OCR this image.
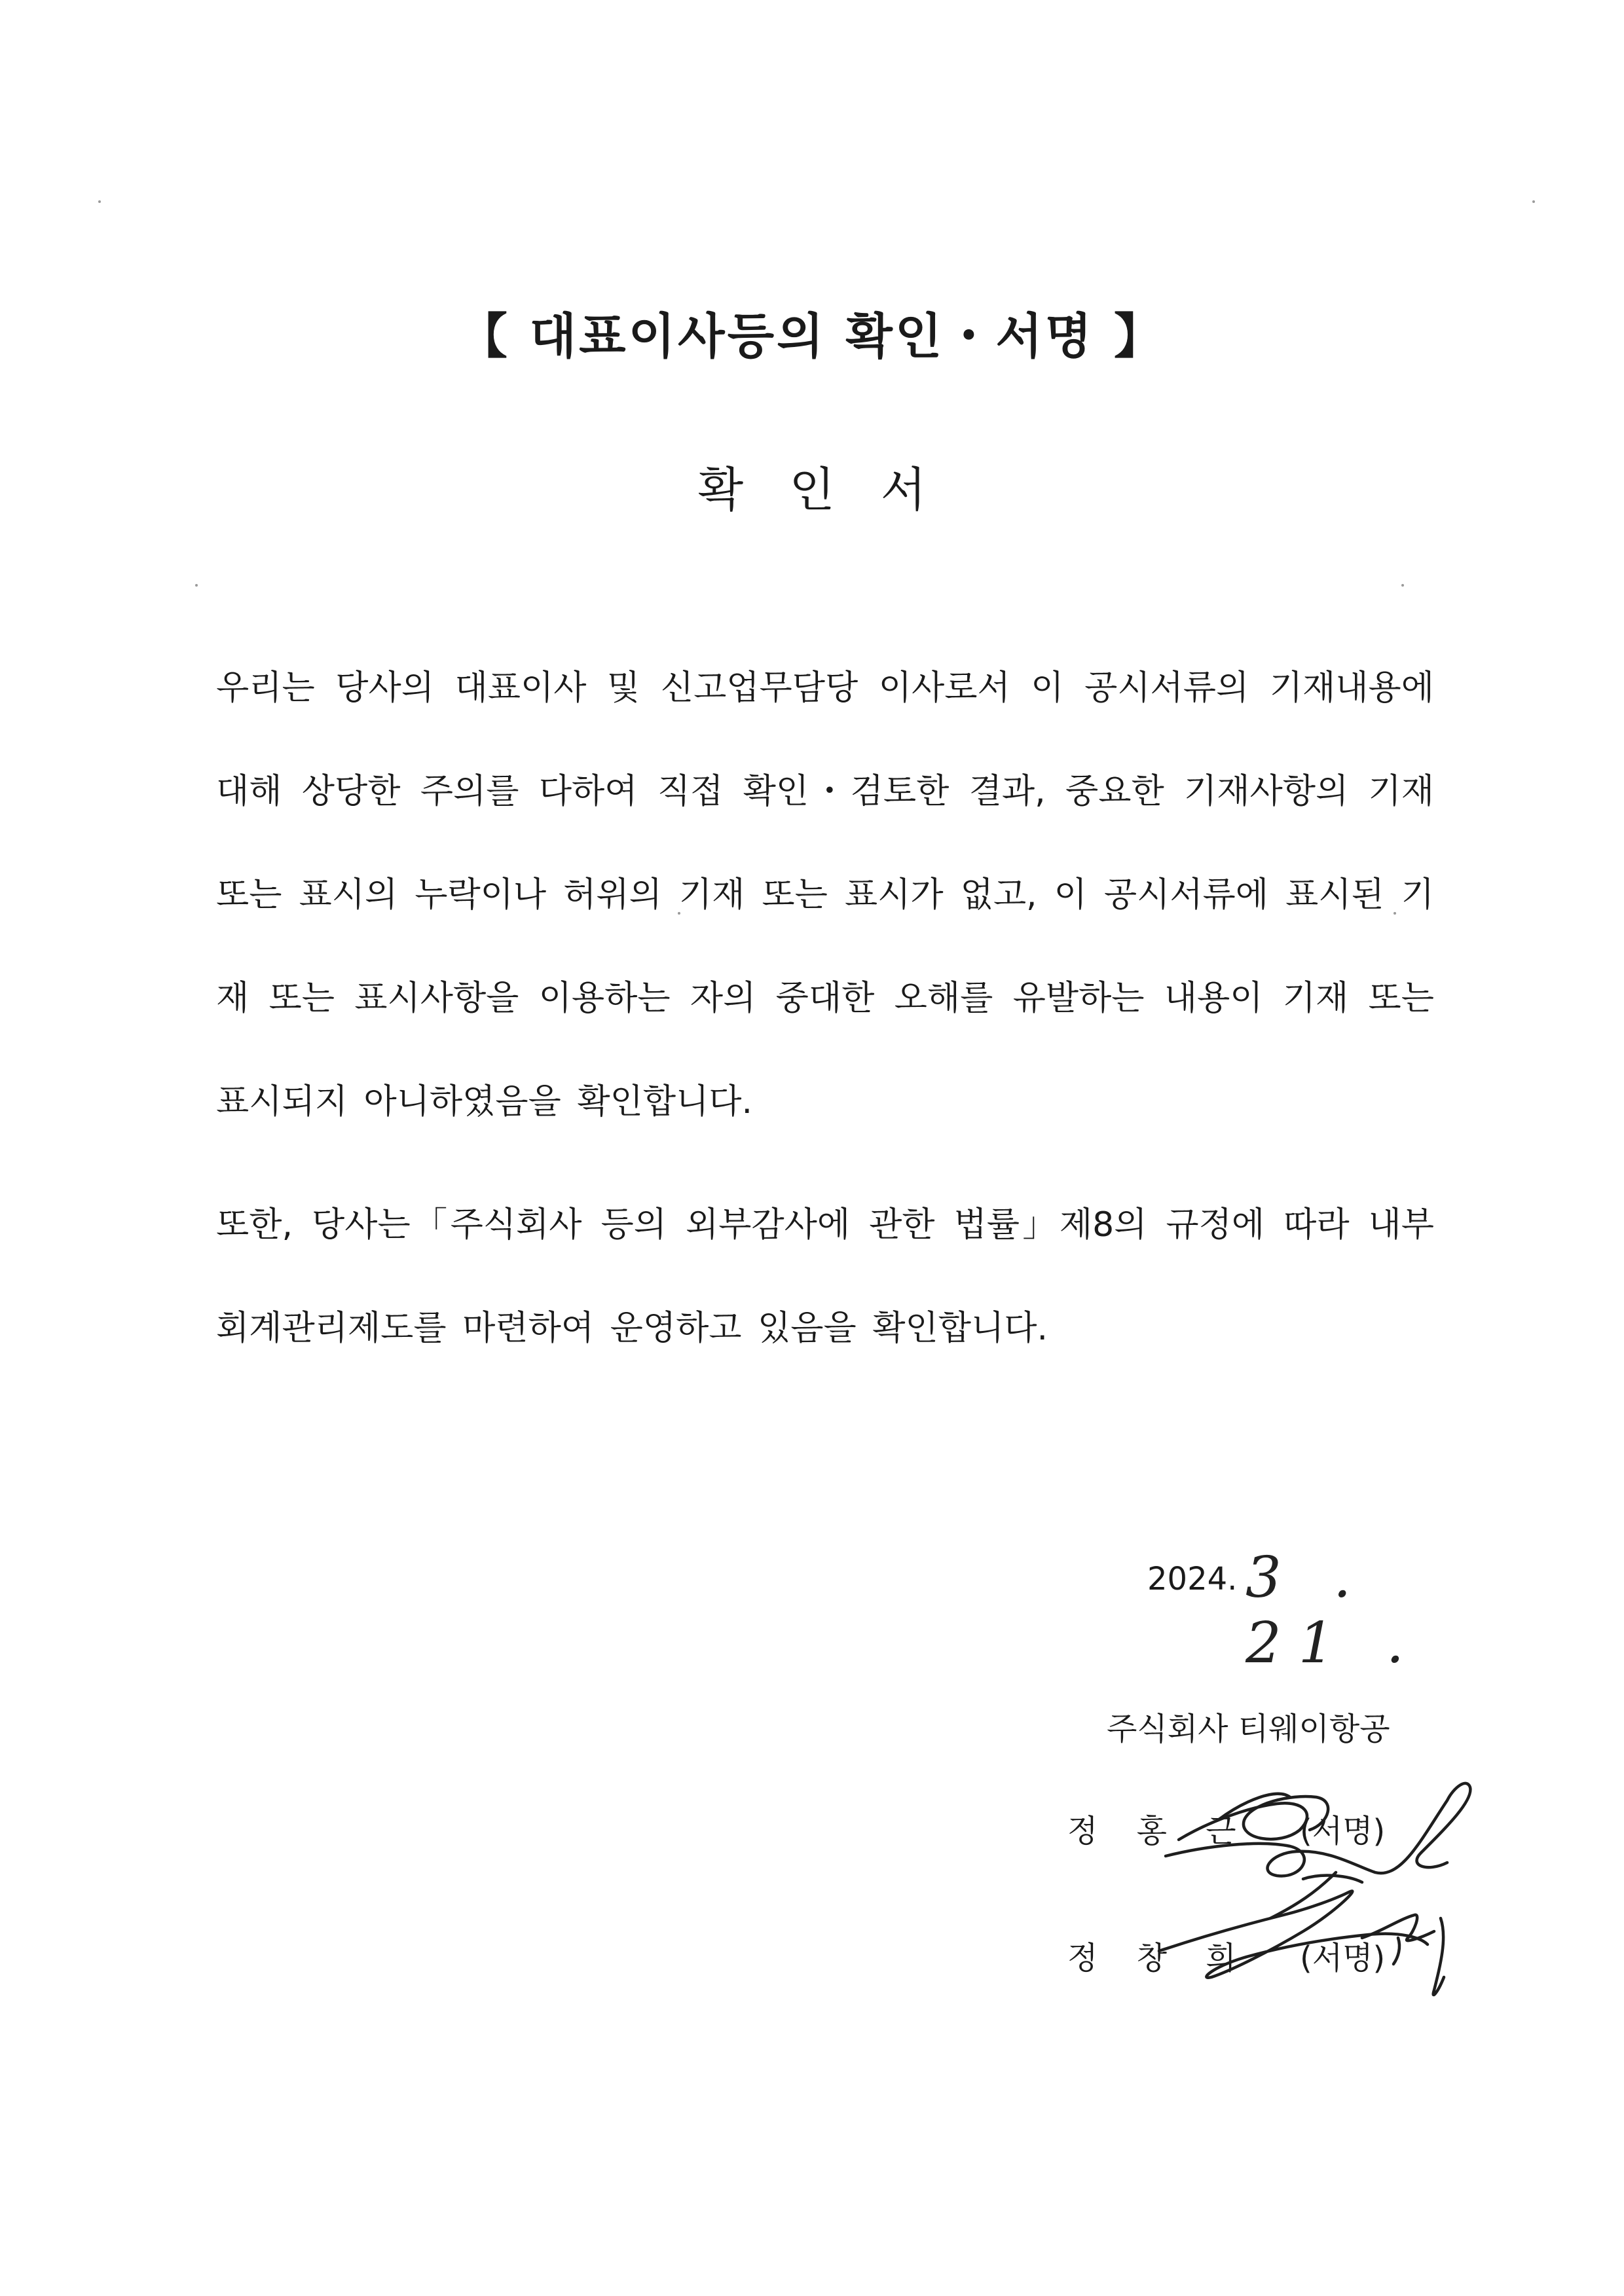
【 대표이사등의 확인・서명 】
확인서

우리는 당사의 대표이사 및 신고업무담당 이사로서 이 공시서류의 기재내용에 대해 상당한 주의를 다하여 직접 확인・검토한 결과, 중요한 기재사항의 기재 또는 표시의 누락이나 허위의 기재 또는 표시가 없고, 이 공시서류에 표시된 기재 또는 표시사항을 이용하는 자의 중대한 오해를 유발하는 내용이 기재 또는 표시되지 아니하였음을 확인합니다.

또한, 당사는「주식회사 등의 외부감사에 관한 법률」제8의 규정에 따라 내부 회계관리제도를 마련하여 운영하고 있음을 확인합니다.

2024. 3 . 21 .
주식회사 티웨이항공
정 홍 근 (서명)
정 창 희 (서명)
